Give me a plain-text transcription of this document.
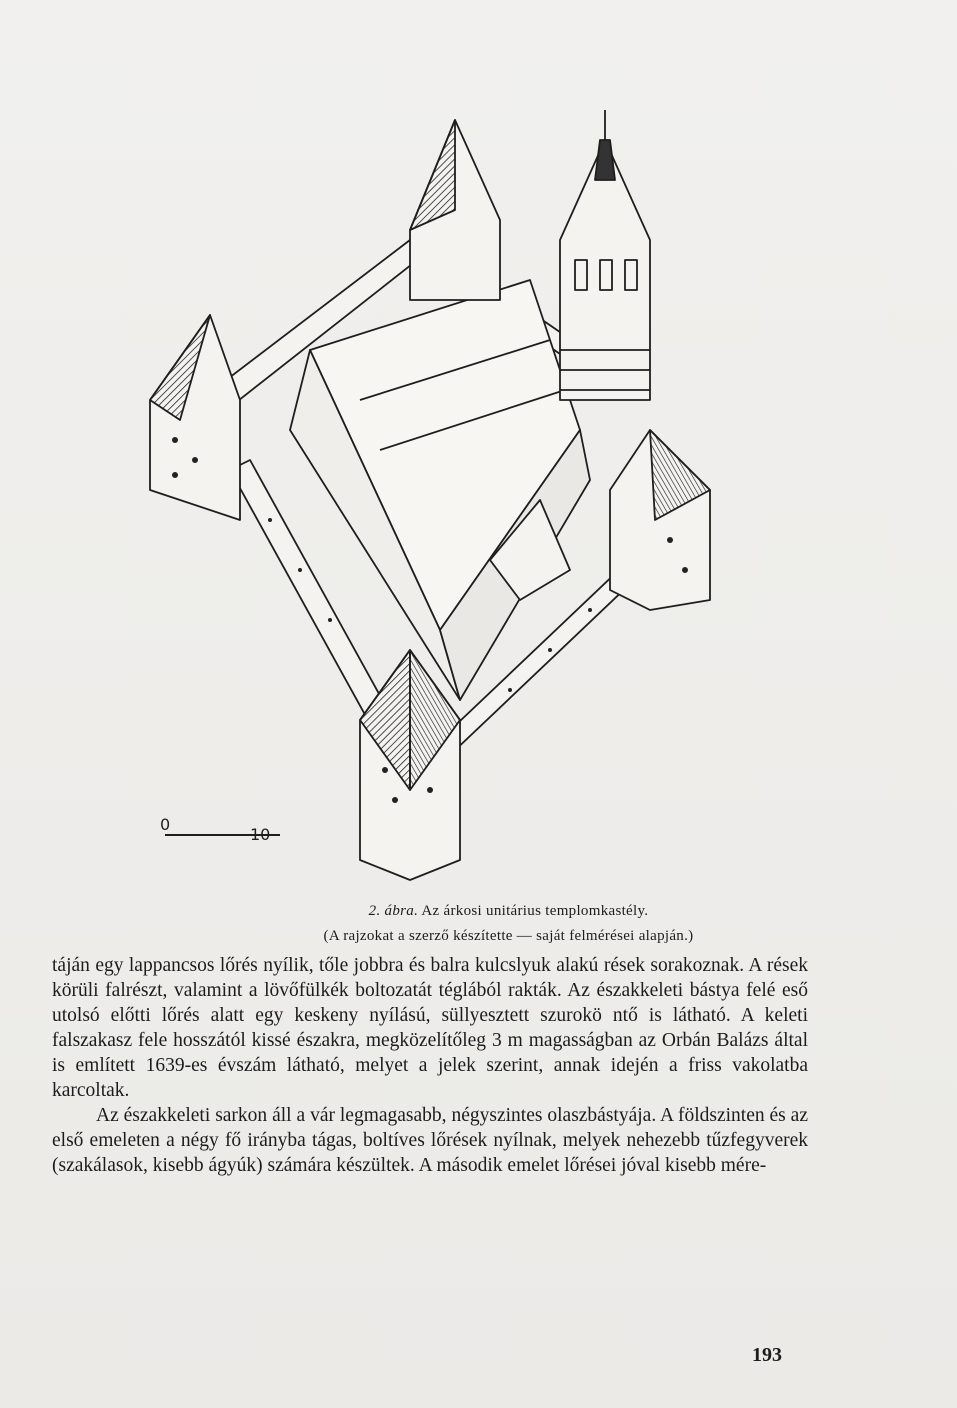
0
10
2. ábra. Az árkosi unitárius templomkastély.
(A rajzokat a szerző készítette — saját felmérései alapján.)

táján egy lappancsos lőrés nyílik, tőle jobbra és balra kulcslyuk alakú rések sorakoznak. A rések körüli falrészt, valamint a lövőfülkék boltozatát téglából rakták. Az északkeleti bástya felé eső utolsó előtti lőrés alatt egy keskeny nyílású, süllyesztett szurokö ntő is látható. A keleti falszakasz fele hosszától kissé északra, megközelítőleg 3 m magasságban az Orbán Balázs által is említett 1639-es évszám látható, melyet a jelek szerint, annak idején a friss vakolatba karcoltak.

Az északkeleti sarkon áll a vár legmagasabb, négyszintes olaszbástyája. A földszinten és az első emeleten a négy fő irányba tágas, boltíves lőrések nyílnak, melyek nehezebb tűzfegyverek (szakálasok, kisebb ágyúk) számára készültek. A második emelet lőrései jóval kisebb mére-

193
